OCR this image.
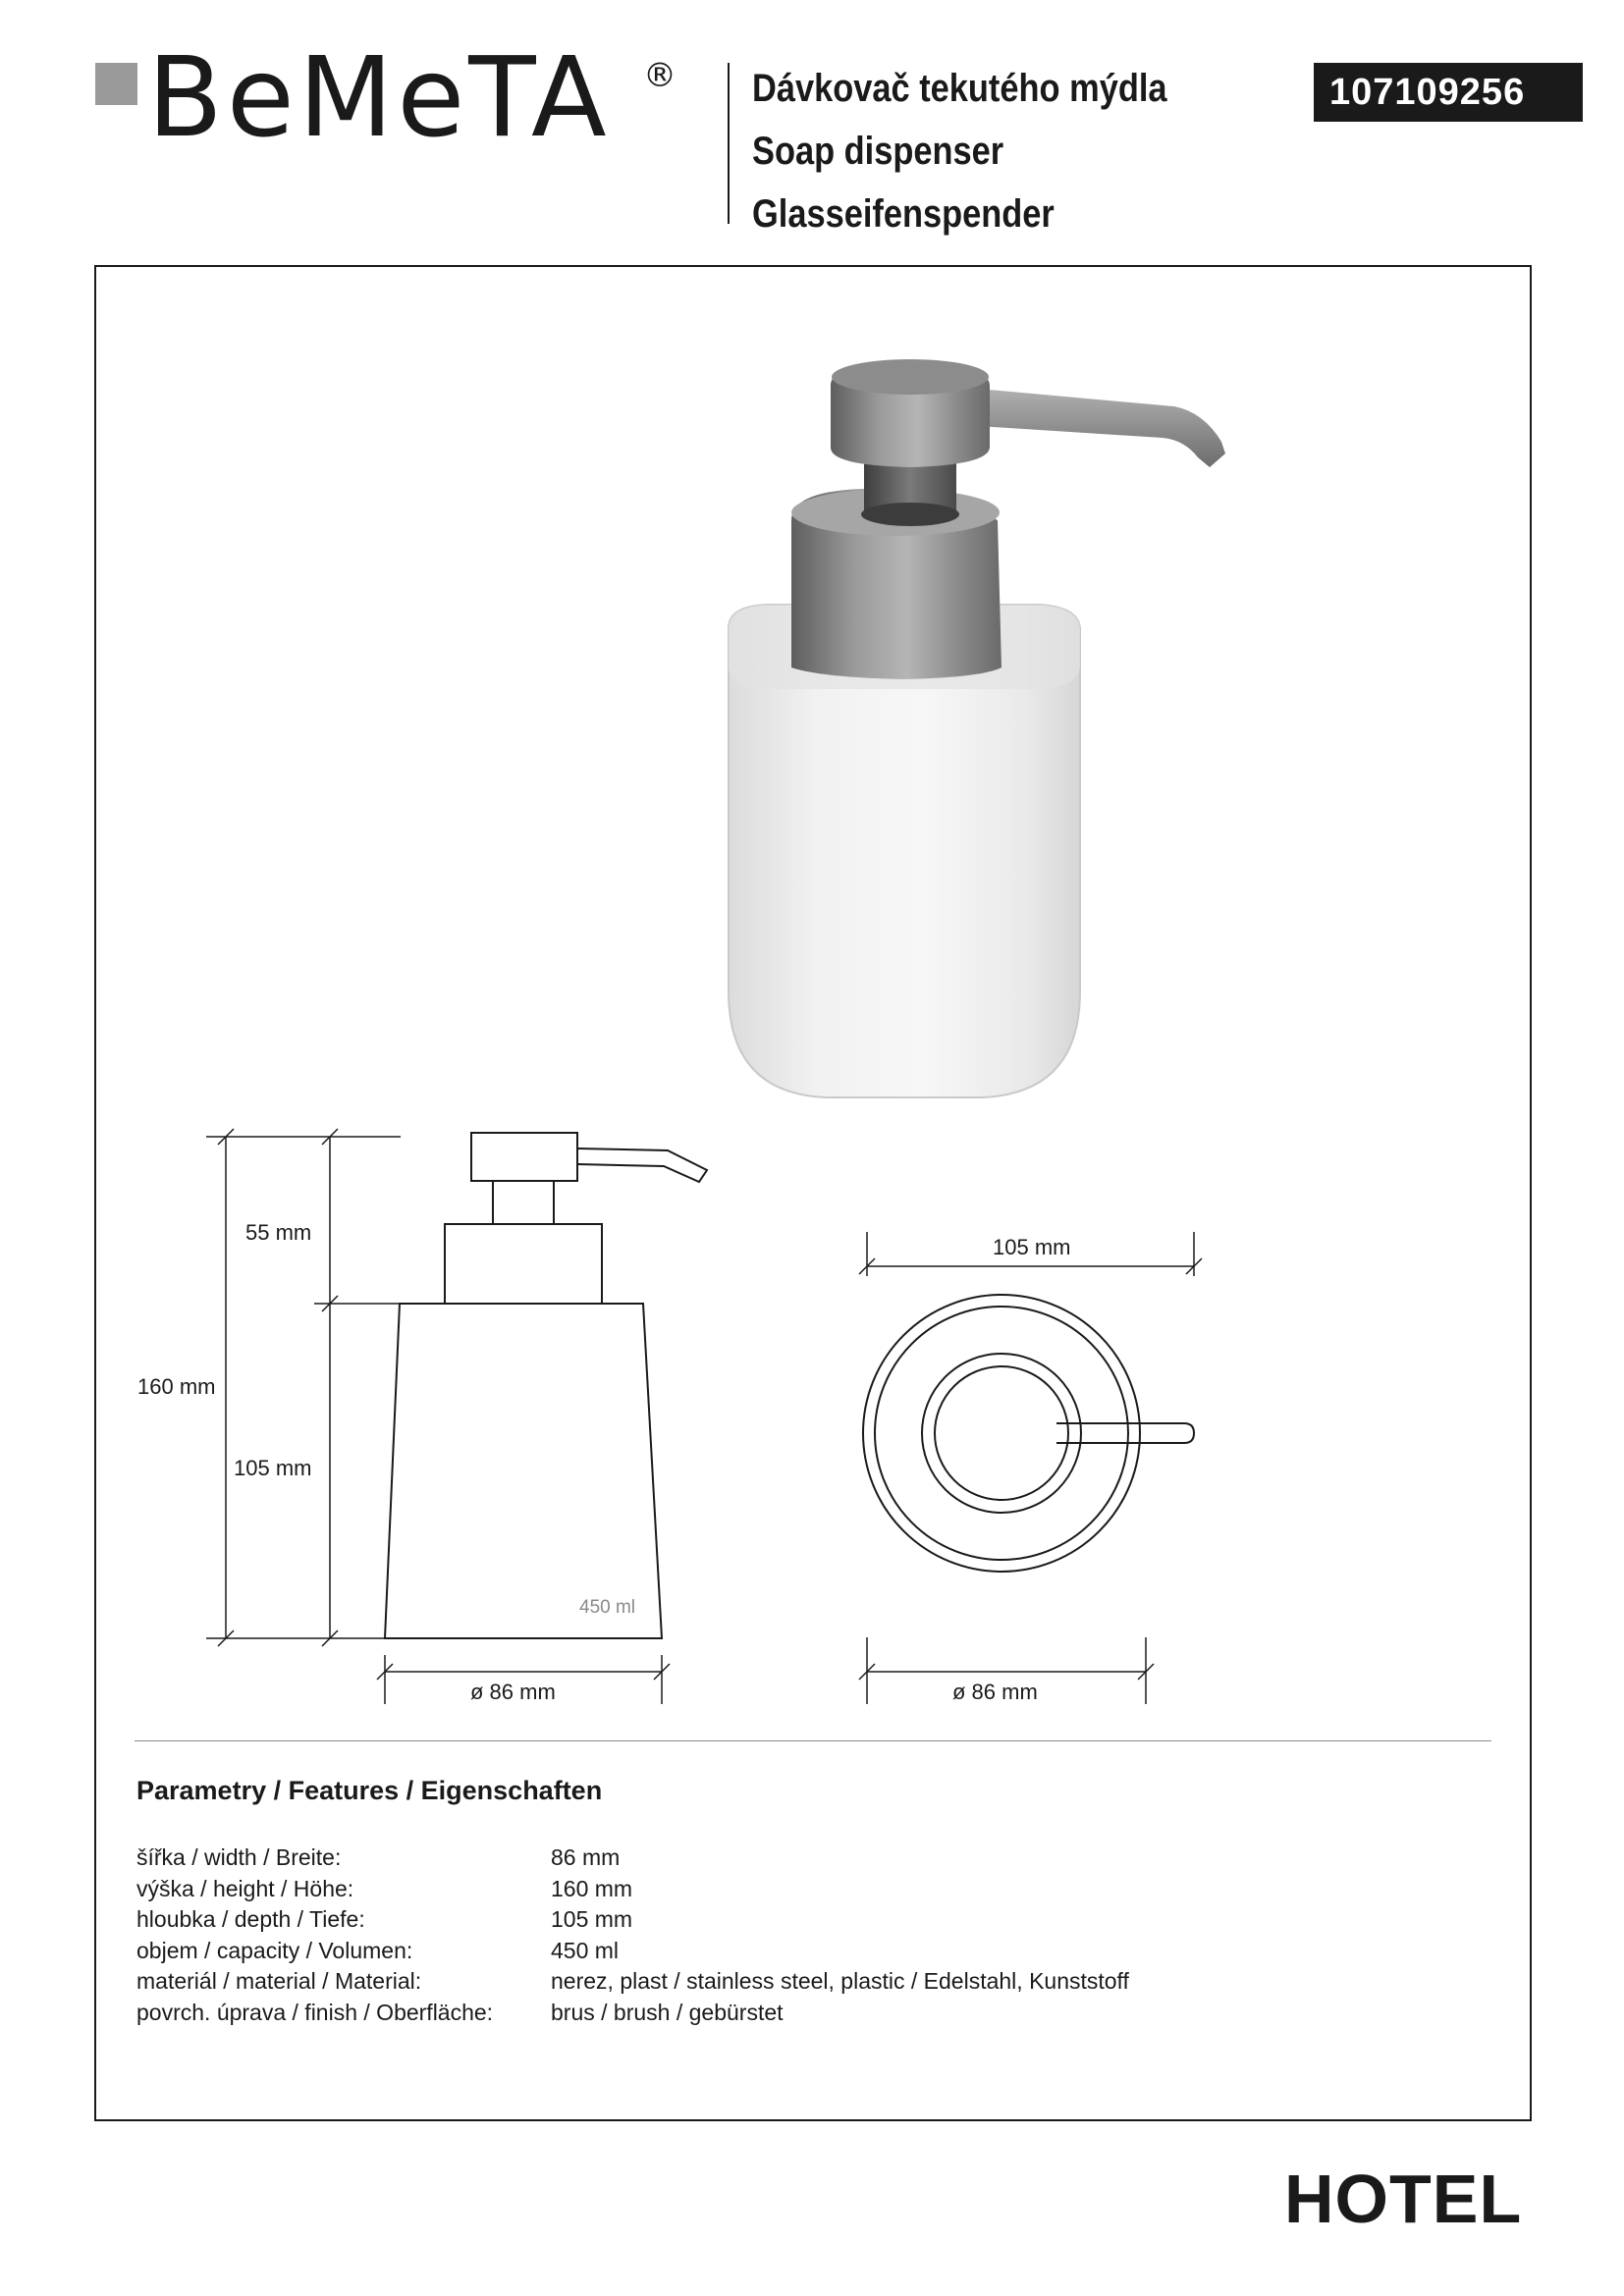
BeMeTA ® Dávkovač tekutého mýdla
Soap dispenser
Glasseifenspender
107109256
55 mm
160 mm
105 mm
450 ml
ø 86 mm
105 mm
ø 86 mm
Parametry / Features / Eigenschaften
šířka / width / Breite:	86 mm
výška / height / Höhe:	160 mm
hloubka / depth / Tiefe:	105 mm
objem / capacity / Volumen:	450 ml
materiál / material / Material:	nerez, plast / stainless steel, plastic / Edelstahl, Kunststoff
povrch. úprava / finish / Oberfläche:	brus / brush / gebürstet
HOTEL
